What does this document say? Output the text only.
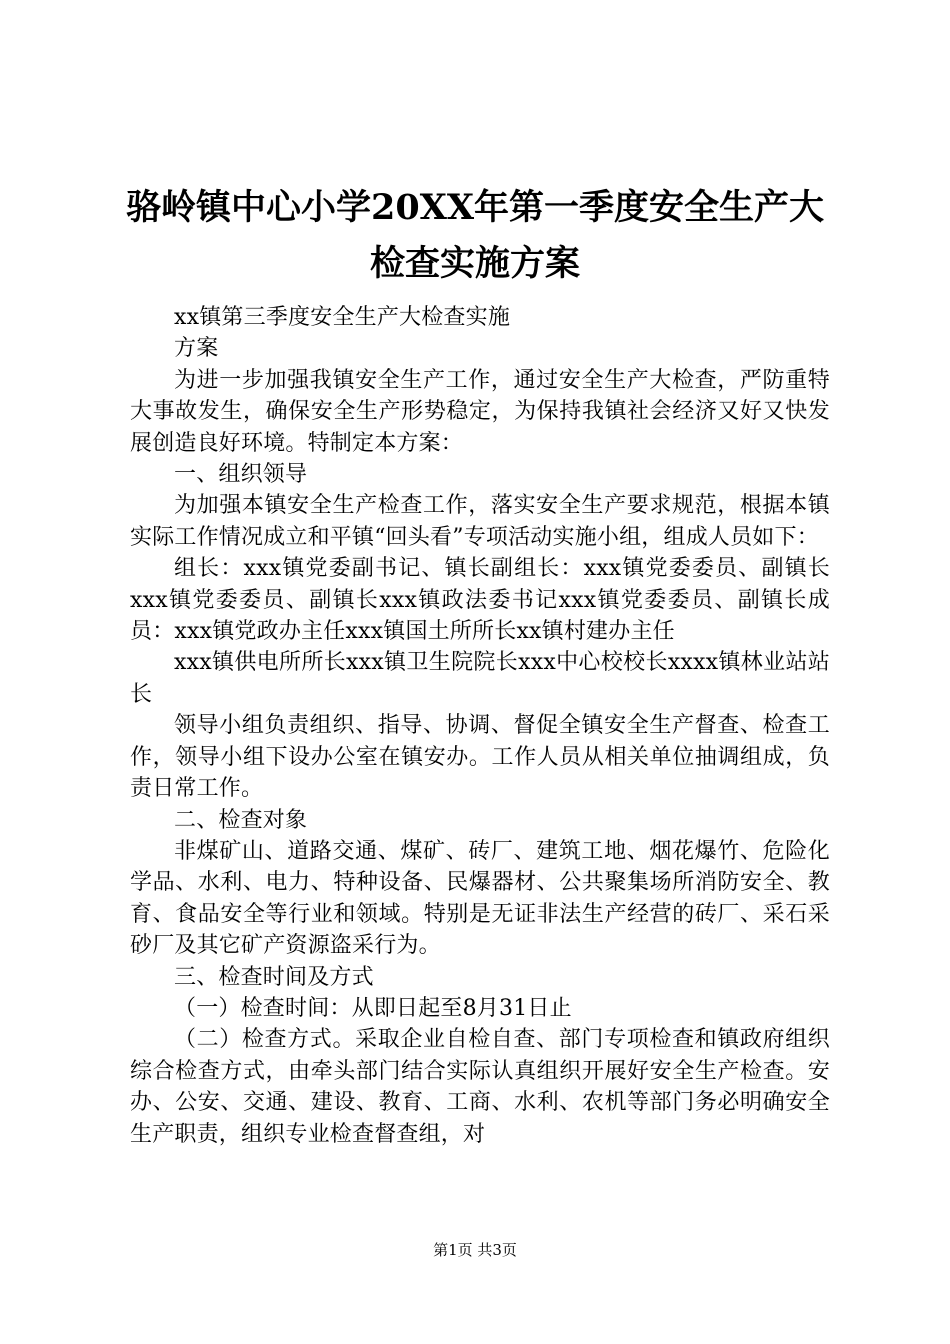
骆岭镇中心小学20XX年第一季度安全生产大
检查实施方案

xx镇第三季度安全生产大检查实施

方案

为进一步加强我镇安全生产工作，通过安全生产大检查，严防重特大事故发生，确保安全生产形势稳定，为保持我镇社会经济又好又快发展创造良好环境。特制定本方案：

一、组织领导

为加强本镇安全生产检查工作，落实安全生产要求规范，根据本镇实际工作情况成立和平镇“回头看”专项活动实施小组，组成人员如下：

组长：xxx镇党委副书记、镇长副组长：xxx镇党委委员、副镇长xxx镇党委委员、副镇长xxx镇政法委书记xxx镇党委委员、副镇长成员：xxx镇党政办主任xxx镇国土所所长xx镇村建办主任

xxx镇供电所所长xxx镇卫生院院长xxx中心校校长xxxx镇林业站站长

领导小组负责组织、指导、协调、督促全镇安全生产督查、检查工作，领导小组下设办公室在镇安办。工作人员从相关单位抽调组成，负责日常工作。

二、检查对象

非煤矿山、道路交通、煤矿、砖厂、建筑工地、烟花爆竹、危险化学品、水利、电力、特种设备、民爆器材、公共聚集场所消防安全、教育、食品安全等行业和领域。特别是无证非法生产经营的砖厂、采石采砂厂及其它矿产资源盗采行为。

三、检查时间及方式

（一）检查时间：从即日起至8月31日止

（二）检查方式。采取企业自检自查、部门专项检查和镇政府组织综合检查方式，由牵头部门结合实际认真组织开展好安全生产检查。安办、公安、交通、建设、教育、工商、水利、农机等部门务必明确安全生产职责，组织专业检查督查组，对

第1页 共3页
